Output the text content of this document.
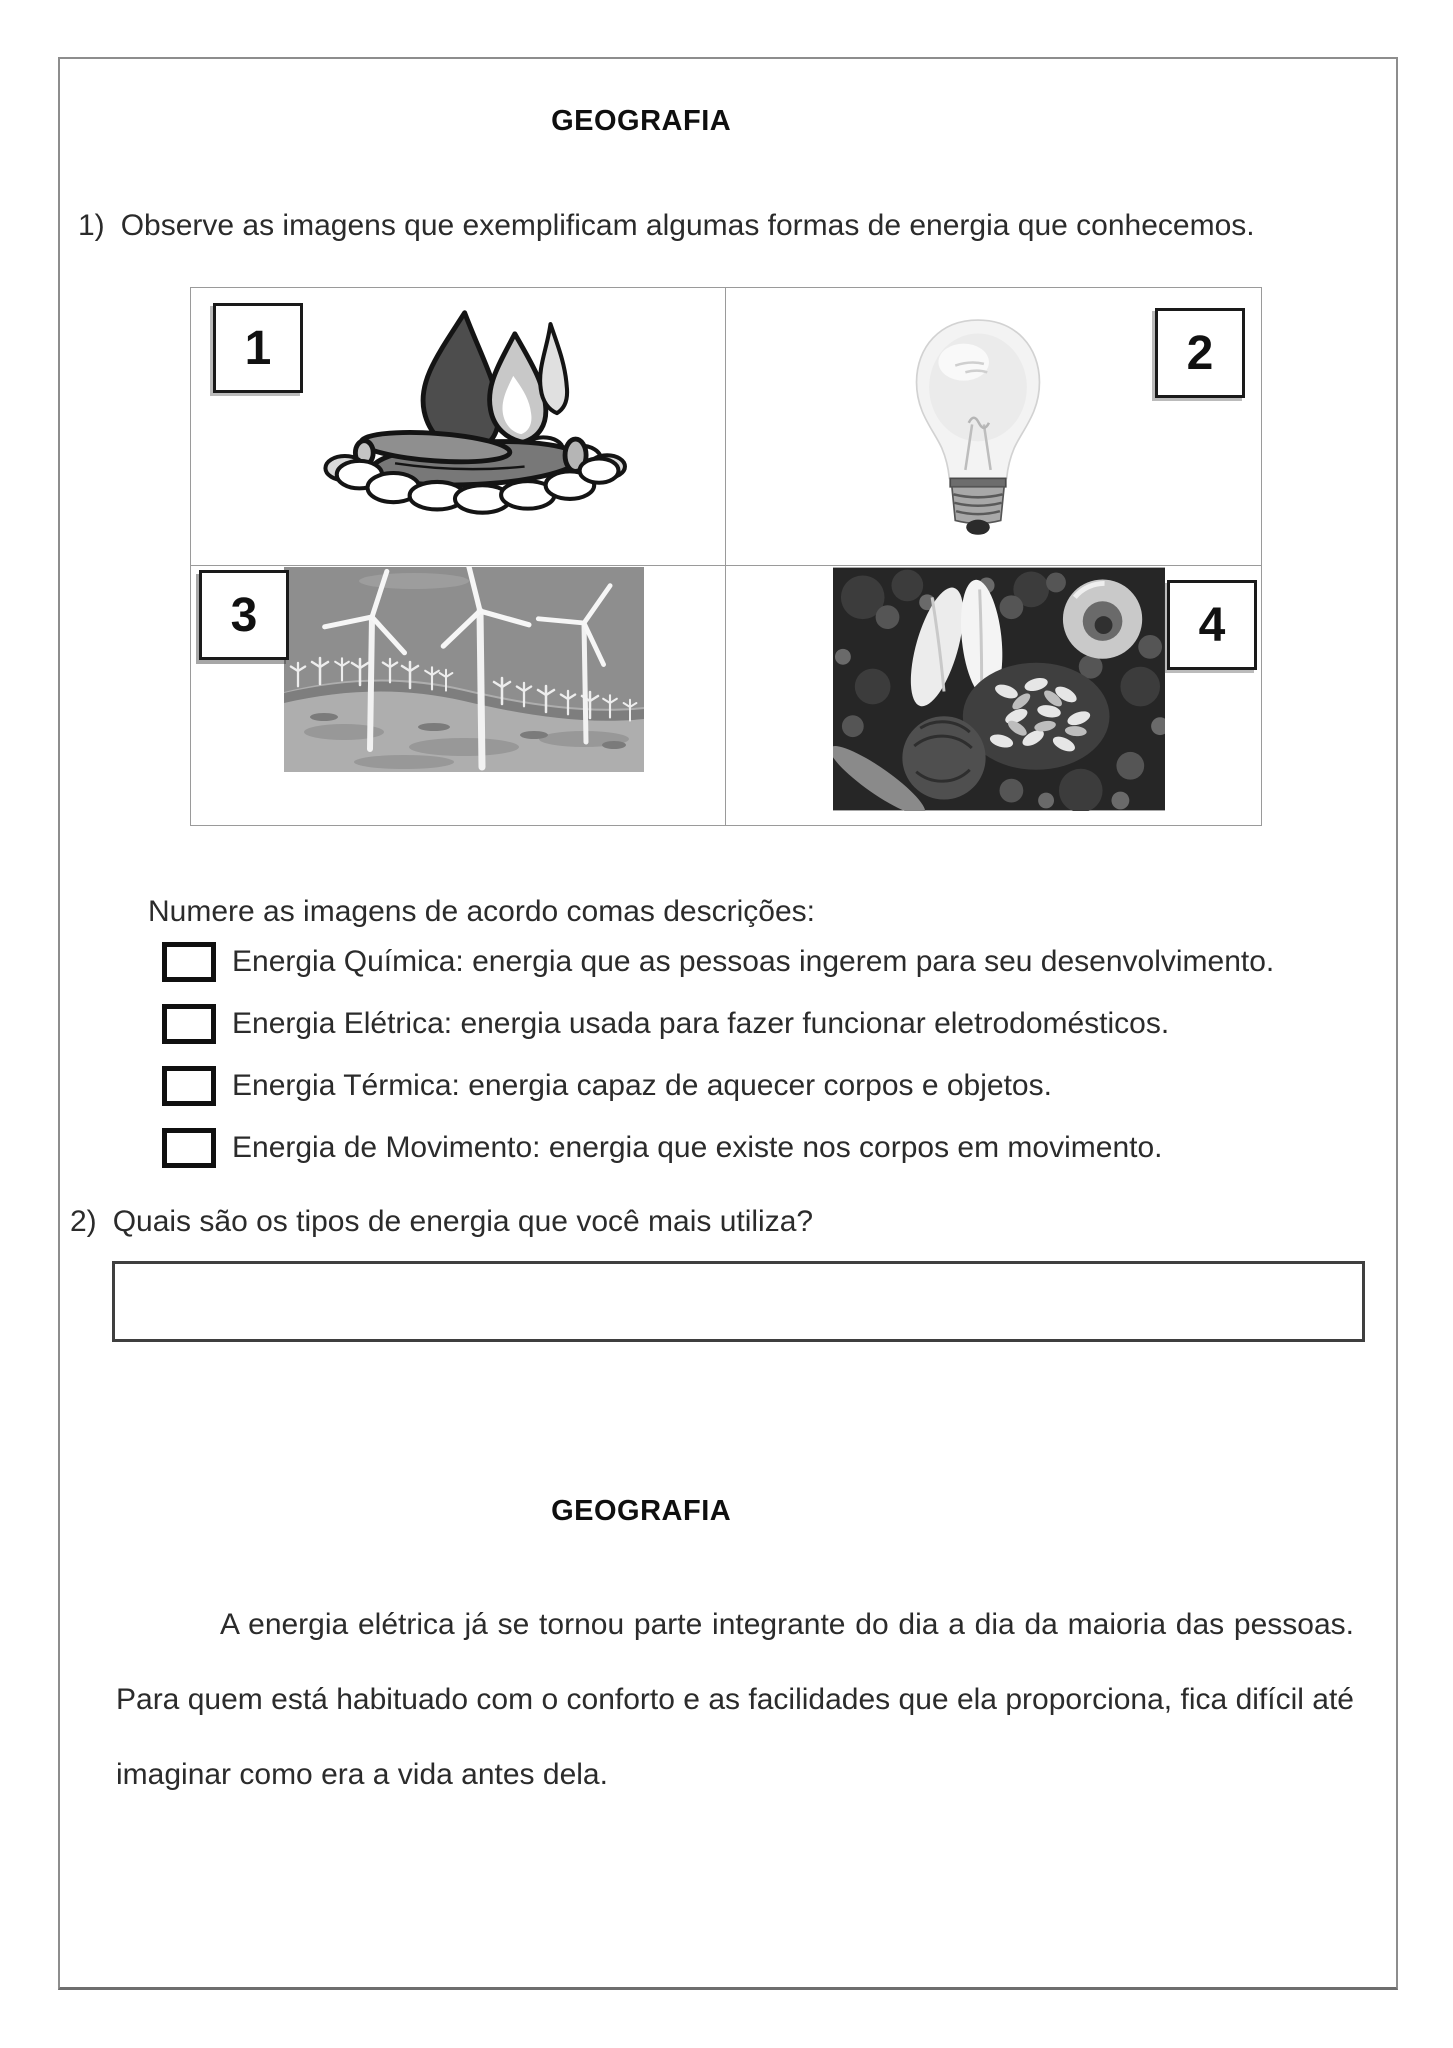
GEOGRAFIA
1) Observe as imagens que exemplificam algumas formas de energia que conhecemos.
1	2
3	4
Numere as imagens de acordo comas descrições:
Energia Química: energia que as pessoas ingerem para seu desenvolvimento.
Energia Elétrica: energia usada para fazer funcionar eletrodomésticos.
Energia Térmica: energia capaz de aquecer corpos e objetos.
Energia de Movimento: energia que existe nos corpos em movimento.
2) Quais são os tipos de energia que você mais utiliza?
GEOGRAFIA

A energia elétrica já se tornou parte integrante do dia a dia da maioria das pessoas. Para quem está habituado com o conforto e as facilidades que ela proporciona, fica difícil até imaginar como era a vida antes dela.
